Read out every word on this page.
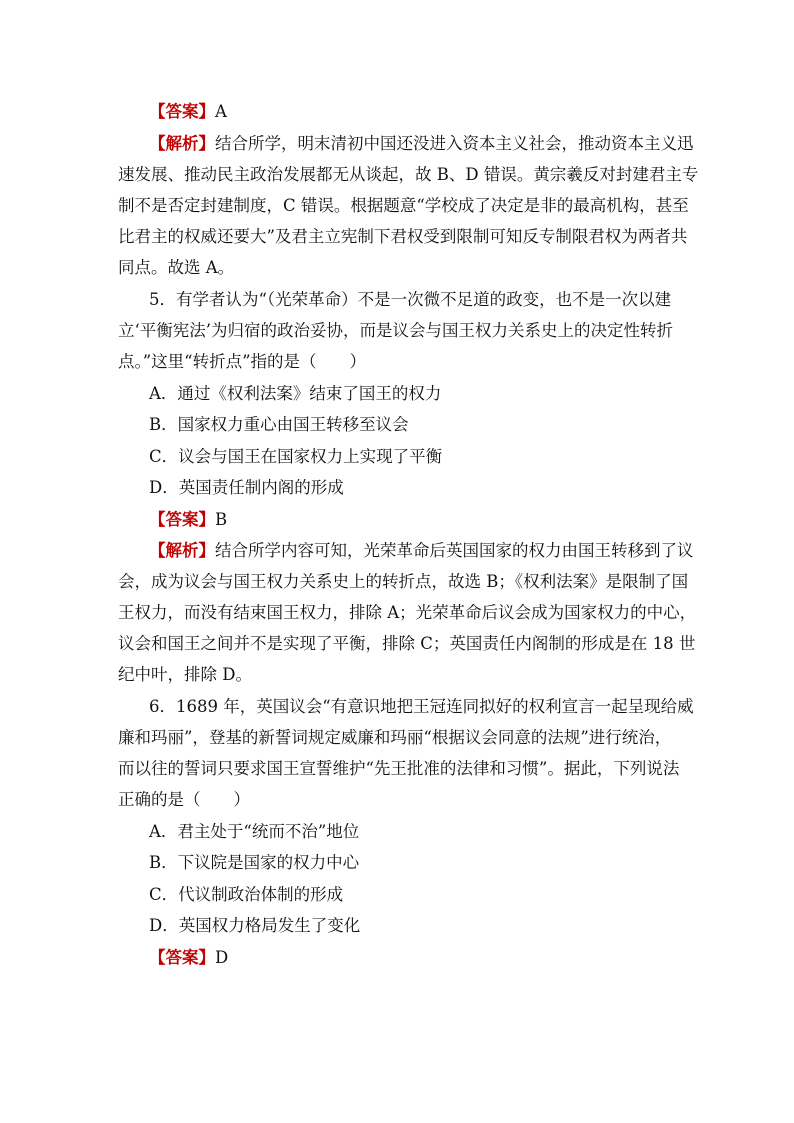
【答案】A
【解析】结合所学，明末清初中国还没进入资本主义社会，推动资本主义迅
速发展、推动民主政治发展都无从谈起，故 B、D 错误。黄宗羲反对封建君主专
制不是否定封建制度，C 错误。根据题意“学校成了决定是非的最高机构，甚至
比君主的权威还要大”及君主立宪制下君权受到限制可知反专制限君权为两者共
同点。故选 A。
5．有学者认为“（光荣革命）不是一次微不足道的政变，也不是一次以建
立‘平衡宪法’为归宿的政治妥协，而是议会与国王权力关系史上的决定性转折
点。”这里“转折点”指的是（　　）
A．通过《权利法案》结束了国王的权力
B．国家权力重心由国王转移至议会
C．议会与国王在国家权力上实现了平衡
D．英国责任制内阁的形成
【答案】B
【解析】结合所学内容可知，光荣革命后英国国家的权力由国王转移到了议
会，成为议会与国王权力关系史上的转折点，故选 B；《权利法案》是限制了国
王权力，而没有结束国王权力，排除 A；光荣革命后议会成为国家权力的中心，
议会和国王之间并不是实现了平衡，排除 C；英国责任内阁制的形成是在 18 世
纪中叶，排除 D。
6．1689 年，英国议会“有意识地把王冠连同拟好的权利宣言一起呈现给威
廉和玛丽”，登基的新誓词规定威廉和玛丽“根据议会同意的法规”进行统治，
而以往的誓词只要求国王宣誓维护“先王批准的法律和习惯”。据此，下列说法
正确的是（　　）
A．君主处于“统而不治”地位
B．下议院是国家的权力中心
C．代议制政治体制的形成
D．英国权力格局发生了变化
【答案】D
